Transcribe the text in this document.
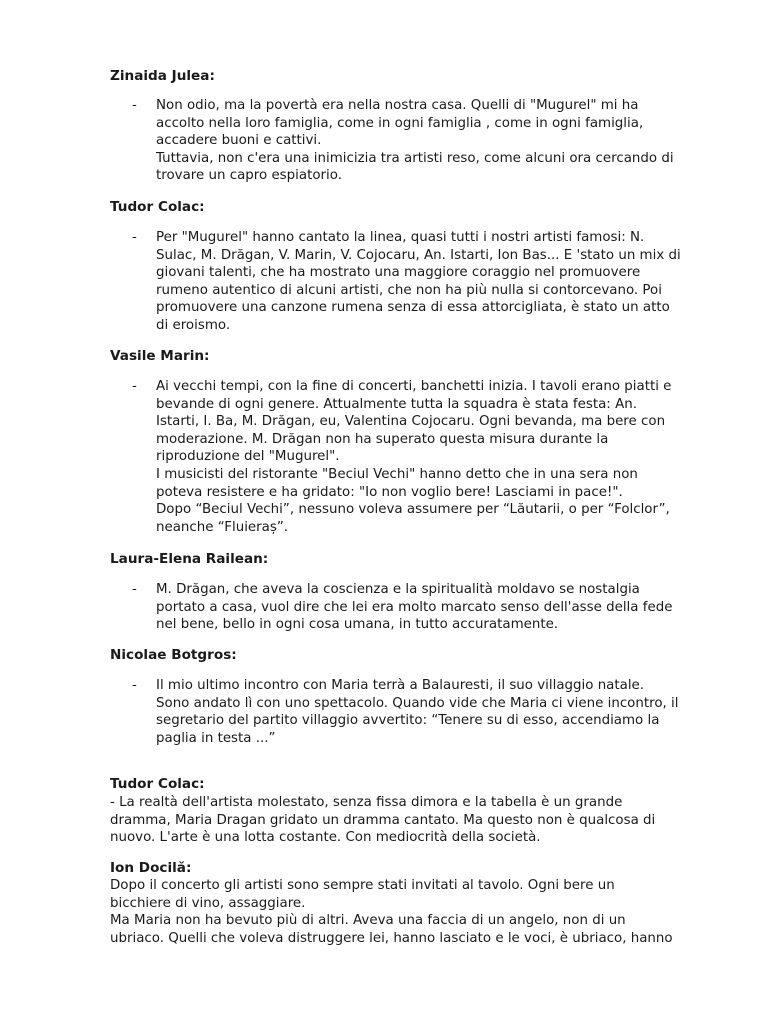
Zinaida Julea:
-	Non odio, ma la povertà era nella nostra casa. Quelli di "Mugurel" mi ha
accolto nella loro famiglia, come in ogni famiglia , come in ogni famiglia,
accadere buoni e cattivi.
Tuttavia, non c'era una inimicizia tra artisti reso, come alcuni ora cercando di
trovare un capro espiatorio.
Tudor Colac:
-	Per "Mugurel" hanno cantato la linea, quasi tutti i nostri artisti famosi: N.
Sulac, M. Drăgan, V. Marin, V. Cojocaru, An. Istarti, Ion Bas... E 'stato un mix di
giovani talenti, che ha mostrato una maggiore coraggio nel promuovere
rumeno autentico di alcuni artisti, che non ha più nulla si contorcevano. Poi
promuovere una canzone rumena senza di essa attorcigliata, è stato un atto
di eroismo.
Vasile Marin:
-	Ai vecchi tempi, con la fine di concerti, banchetti inizia. I tavoli erano piatti e
bevande di ogni genere. Attualmente tutta la squadra è stata festa: An.
Istarti, I. Ba, M. Drăgan, eu, Valentina Cojocaru. Ogni bevanda, ma bere con
moderazione. M. Drăgan non ha superato questa misura durante la
riproduzione del "Mugurel".
I musicisti del ristorante "Beciul Vechi" hanno detto che in una sera non
poteva resistere e ha gridato: "Io non voglio bere! Lasciami in pace!".
Dopo “Beciul Vechi”, nessuno voleva assumere per “Lăutarii, o per “Folclor”,
neanche “Fluieraș”.
Laura-Elena Railean:
-	M. Drăgan, che aveva la coscienza e la spiritualità moldavo se nostalgia
portato a casa, vuol dire che lei era molto marcato senso dell'asse della fede
nel bene, bello in ogni cosa umana, in tutto accuratamente.
Nicolae Botgros:
-	Il mio ultimo incontro con Maria terrà a Balauresti, il suo villaggio natale.
Sono andato lì con uno spettacolo. Quando vide che Maria ci viene incontro, il
segretario del partito villaggio avvertito: “Tenere su di esso, accendiamo la
paglia in testa ...”
Tudor Colac:
- La realtà dell'artista molestato, senza fissa dimora e la tabella è un grande
dramma, Maria Dragan gridato un dramma cantato. Ma questo non è qualcosa di
nuovo. L'arte è una lotta costante. Con mediocrità della società.
Ion Docilă:
Dopo il concerto gli artisti sono sempre stati invitati al tavolo. Ogni bere un
bicchiere di vino, assaggiare.
Ma Maria non ha bevuto più di altri. Aveva una faccia di un angelo, non di un
ubriaco. Quelli che voleva distruggere lei, hanno lasciato e le voci, è ubriaco, hanno
